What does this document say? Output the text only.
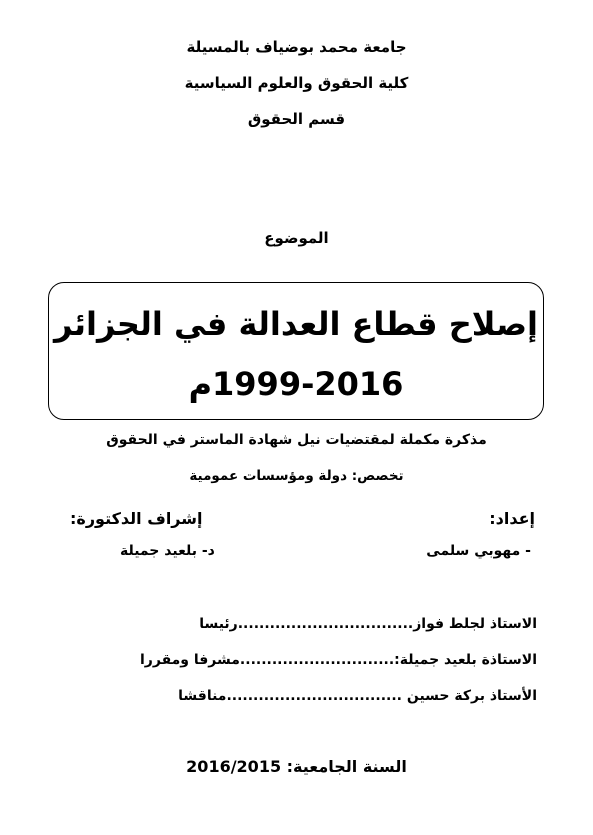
جامعة محمد بوضياف بالمسيلة
كلية الحقوق والعلوم السياسية
قسم الحقوق
الموضوع
إصلاح قطاع العدالة في الجزائر
1999-2016م
مذكرة مكملة لمقتضيات نيل شهادة الماستر في الحقوق
تخصص: دولة ومؤسسات عمومية
إعداد:
إشراف الدكتورة:
- مهوبي سلمى
د- بلعيد جميلة
الاستاذ لجلط فواز.................................رئيسا
الاستاذة بلعيد جميلة:.............................مشرفا ومقررا
الأستاذ بركة حسين .................................مناقشا
السنة الجامعية: 2016/2015
